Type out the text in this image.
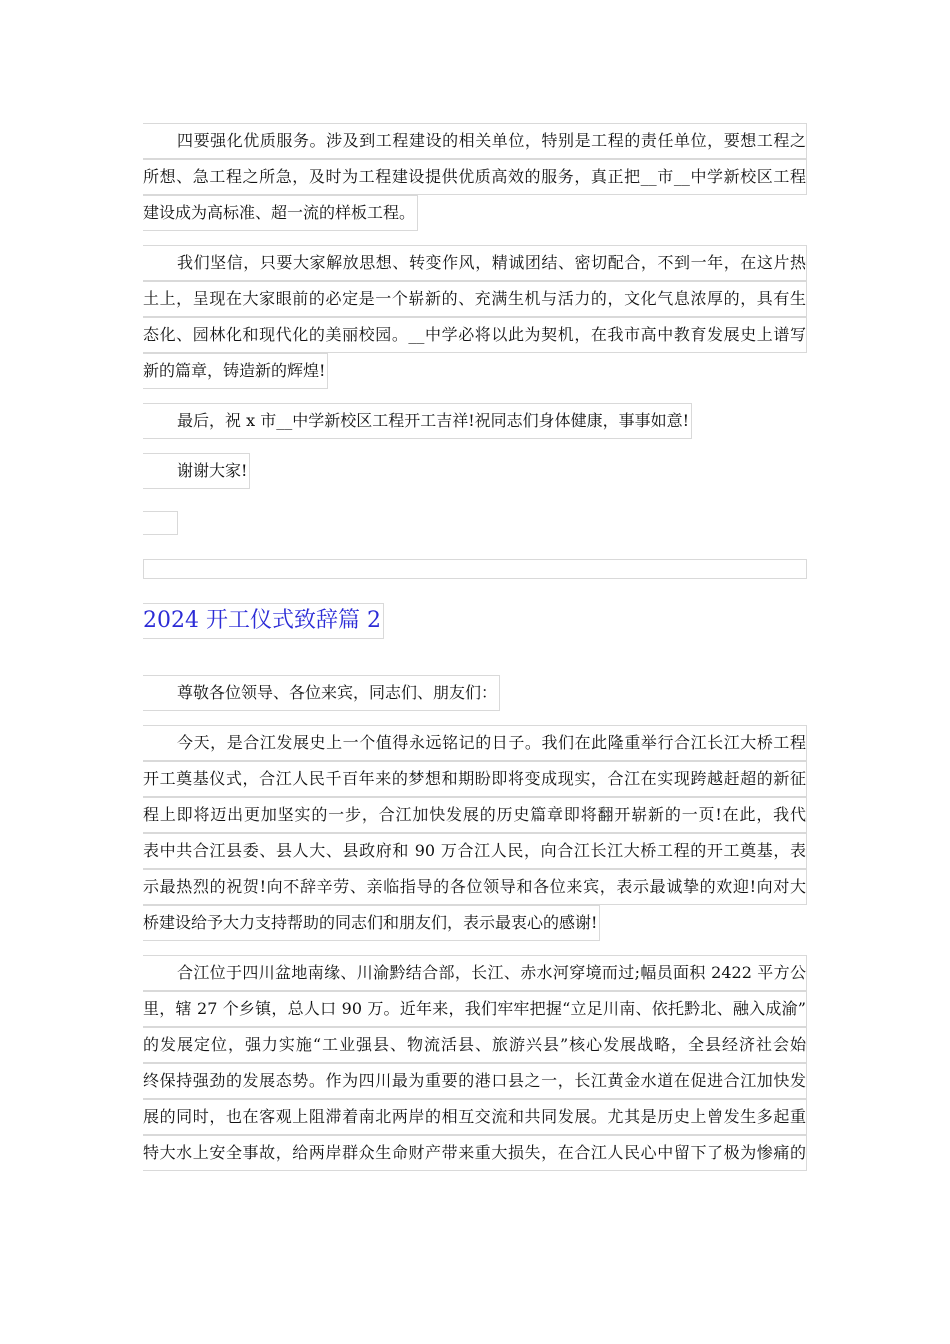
四要强化优质服务。涉及到工程建设的相关单位，特别是工程的责任单位，要想工程之
所想、急工程之所急，及时为工程建设提供优质高效的服务，真正把__市__中学新校区工程
建设成为高标准、超一流的样板工程。
我们坚信，只要大家解放思想、转变作风，精诚团结、密切配合，不到一年，在这片热
土上，呈现在大家眼前的必定是一个崭新的、充满生机与活力的，文化气息浓厚的，具有生
态化、园林化和现代化的美丽校园。__中学必将以此为契机，在我市高中教育发展史上谱写
新的篇章，铸造新的辉煌!
最后，祝 x 市__中学新校区工程开工吉祥!祝同志们身体健康，事事如意!
谢谢大家!
2024 开工仪式致辞篇 2
尊敬各位领导、各位来宾，同志们、朋友们：
今天，是合江发展史上一个值得永远铭记的日子。我们在此隆重举行合江长江大桥工程
开工奠基仪式，合江人民千百年来的梦想和期盼即将变成现实，合江在实现跨越赶超的新征
程上即将迈出更加坚实的一步，合江加快发展的历史篇章即将翻开崭新的一页!在此，我代
表中共合江县委、县人大、县政府和 90 万合江人民，向合江长江大桥工程的开工奠基，表
示最热烈的祝贺!向不辞辛劳、亲临指导的各位领导和各位来宾，表示最诚挚的欢迎!向对大
桥建设给予大力支持帮助的同志们和朋友们，表示最衷心的感谢!
合江位于四川盆地南缘、川渝黔结合部，长江、赤水河穿境而过;幅员面积 2422 平方公
里，辖 27 个乡镇，总人口 90 万。近年来，我们牢牢把握“立足川南、依托黔北、融入成渝”
的发展定位，强力实施“工业强县、物流活县、旅游兴县”核心发展战略，全县经济社会始
终保持强劲的发展态势。作为四川最为重要的港口县之一，长江黄金水道在促进合江加快发
展的同时，也在客观上阻滞着南北两岸的相互交流和共同发展。尤其是历史上曾发生多起重
特大水上安全事故，给两岸群众生命财产带来重大损失，在合江人民心中留下了极为惨痛的
